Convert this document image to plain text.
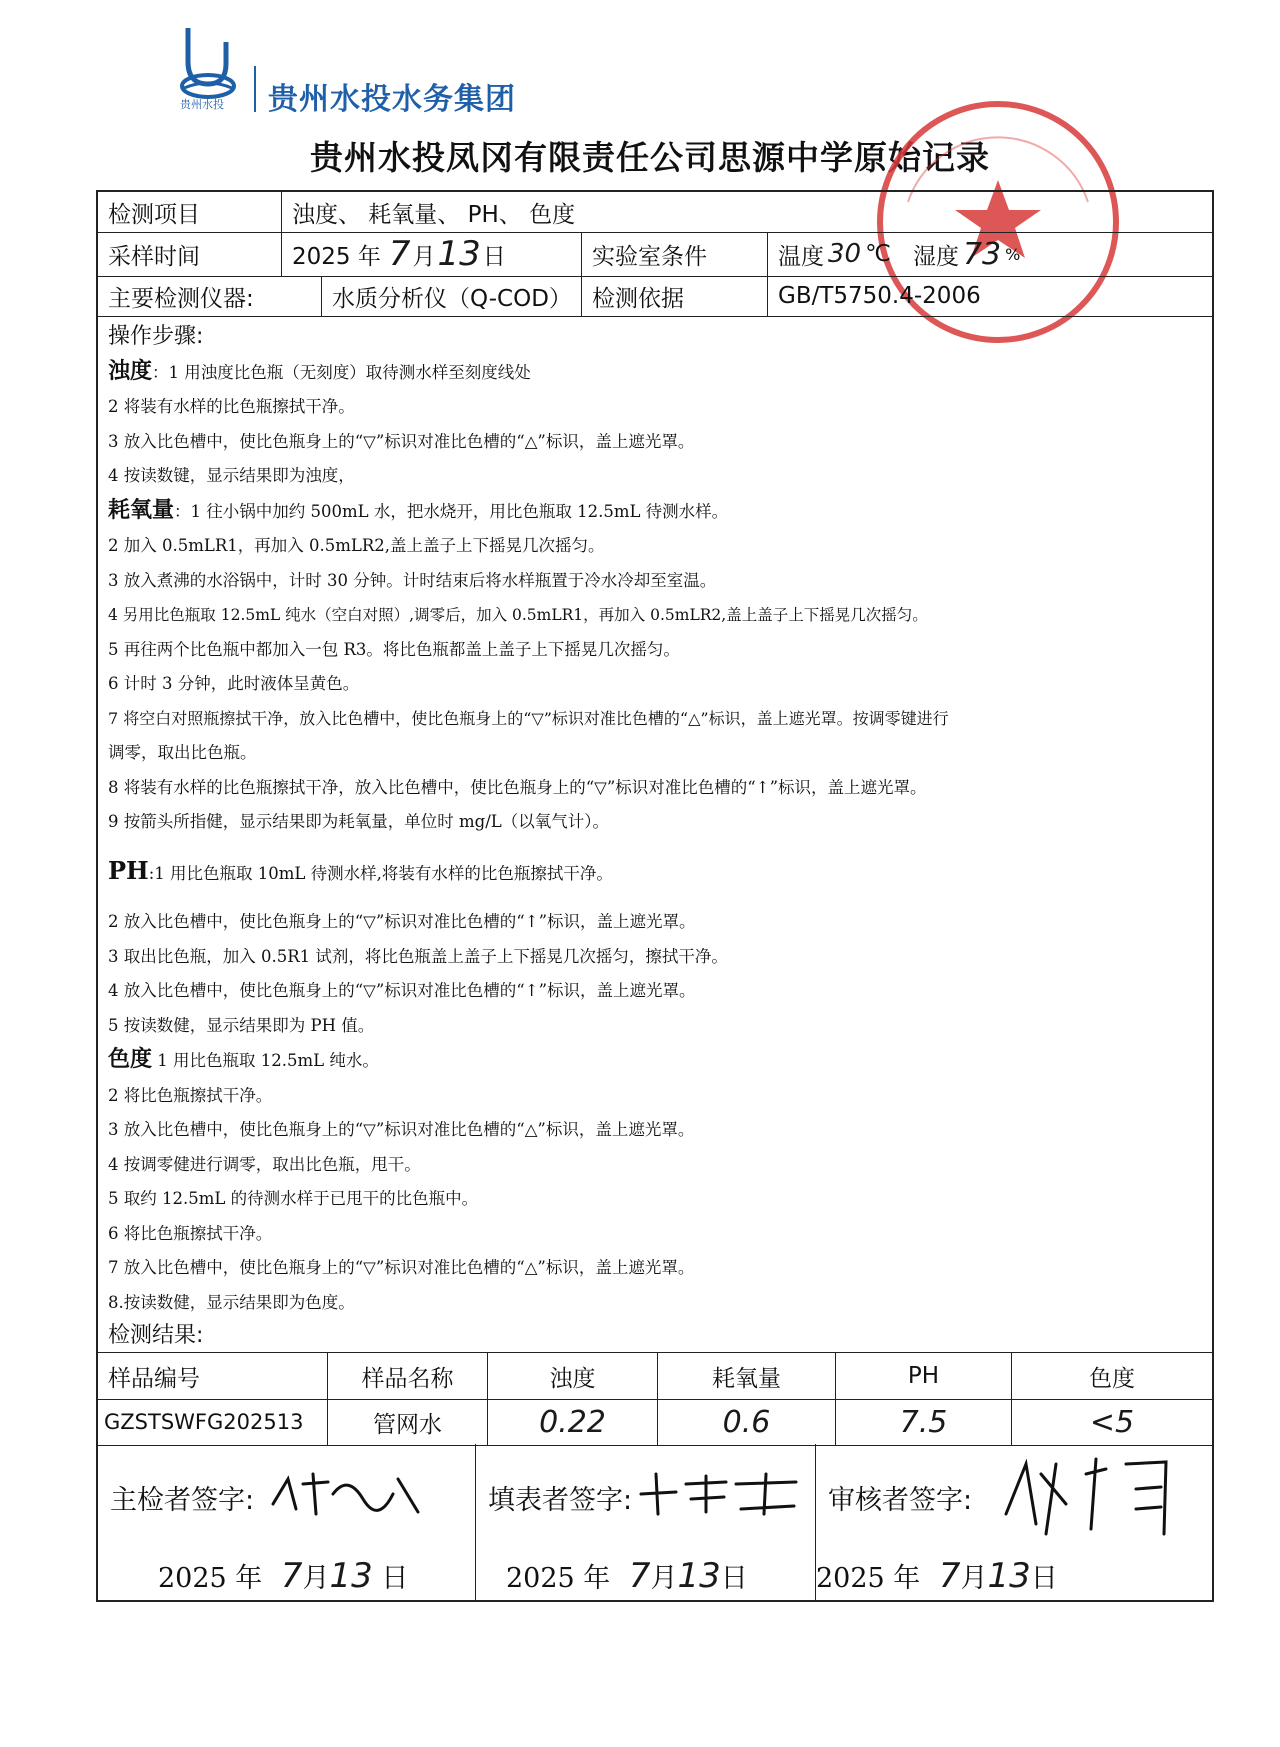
贵州水投 贵州水投水务集团
贵州水投凤冈有限责任公司思源中学原始记录
检测项目	浊度、 耗氧量、 PH、 色度
采样时间	2025 年 7 月 13 日	实验室条件	温度 30 ℃ 湿度 73 %
主要检测仪器:	水质分析仪（Q-COD） 检测依据	GB/T5750.4-2006
操作步骤:
浊度：1 用浊度比色瓶（无刻度）取待测水样至刻度线处
2 将装有水样的比色瓶擦拭干净。
3 放入比色槽中，使比色瓶身上的“▽”标识对准比色槽的“△”标识，盖上遮光罩。
4 按读数键，显示结果即为浊度，
耗氧量：1 往小锅中加约 500mL 水，把水烧开，用比色瓶取 12.5mL 待测水样。
2 加入 0.5mLR1，再加入 0.5mLR2,盖上盖子上下摇晃几次摇匀。
3 放入煮沸的水浴锅中，计时 30 分钟。计时结束后将水样瓶置于冷水冷却至室温。
4 另用比色瓶取 12.5mL 纯水（空白对照）,调零后，加入 0.5mLR1，再加入 0.5mLR2,盖上盖子上下摇晃几次摇匀。
5 再往两个比色瓶中都加入一包 R3。将比色瓶都盖上盖子上下摇晃几次摇匀。
6 计时 3 分钟，此时液体呈黄色。
7 将空白对照瓶擦拭干净，放入比色槽中，使比色瓶身上的“▽”标识对准比色槽的“△”标识，盖上遮光罩。按调零键进行
调零，取出比色瓶。
8 将装有水样的比色瓶擦拭干净，放入比色槽中，使比色瓶身上的“▽”标识对准比色槽的“↑”标识，盖上遮光罩。
9 按箭头所指健，显示结果即为耗氧量，单位时 mg/L（以氧气计）。
PH:1 用比色瓶取 10mL 待测水样,将装有水样的比色瓶擦拭干净。
2 放入比色槽中，使比色瓶身上的“▽”标识对准比色槽的“↑”标识，盖上遮光罩。
3 取出比色瓶，加入 0.5R1 试剂，将比色瓶盖上盖子上下摇晃几次摇匀，擦拭干净。
4 放入比色槽中，使比色瓶身上的“▽”标识对准比色槽的“↑”标识，盖上遮光罩。
5 按读数健，显示结果即为 PH 值。
色度 1 用比色瓶取 12.5mL 纯水。
2 将比色瓶擦拭干净。
3 放入比色槽中，使比色瓶身上的“▽”标识对准比色槽的“△”标识，盖上遮光罩。
4 按调零健进行调零，取出比色瓶，甩干。
5 取约 12.5mL 的待测水样于已甩干的比色瓶中。
6 将比色瓶擦拭干净。
7 放入比色槽中，使比色瓶身上的“▽”标识对准比色槽的“△”标识，盖上遮光罩。
8.按读数健，显示结果即为色度。
检测结果:
样品编号	样品名称	浊度	耗氧量	PH	色度
GZSTSWFG202513	管网水	0.22	0.6	7.5	<5
主检者签字:
2025 年 7月13 日
填表者签字:
2025 年 7月13日
审核者签字:
2025 年 7月13日
